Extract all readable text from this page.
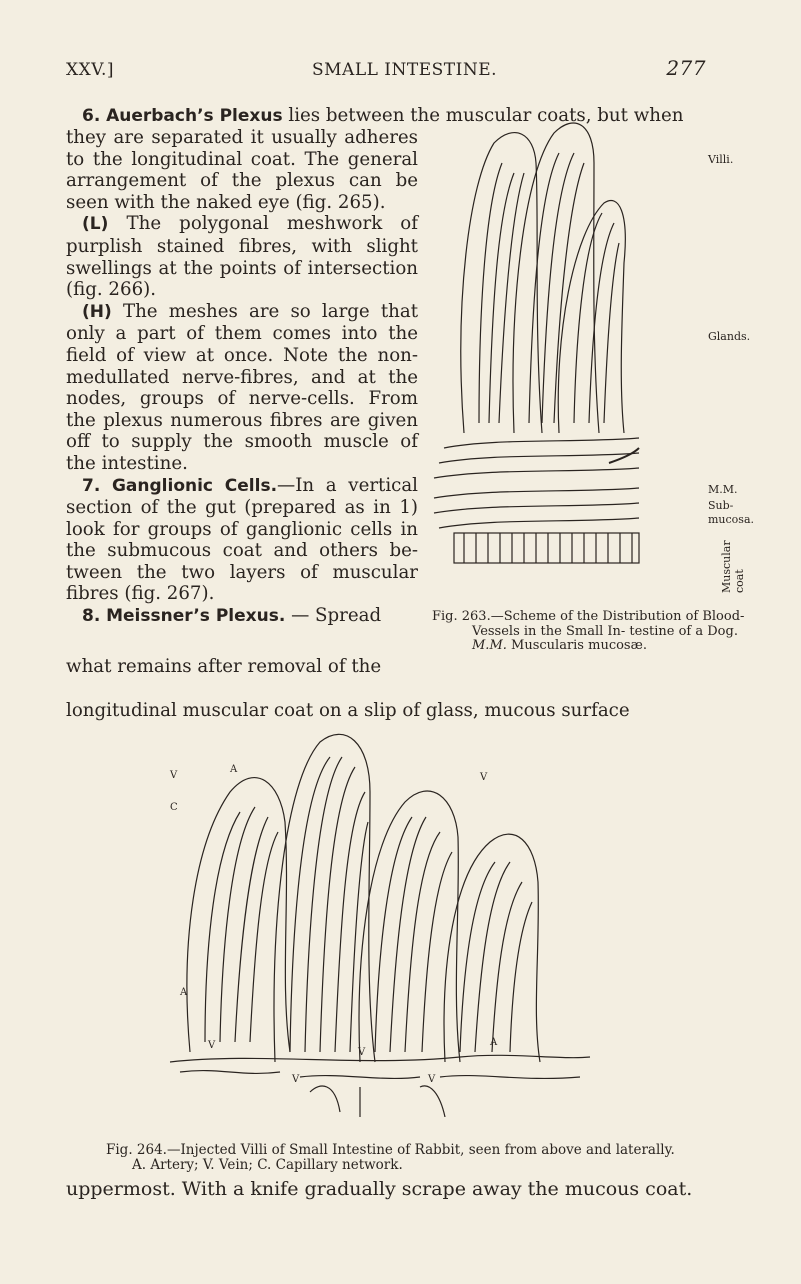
XXV.]	SMALL INTESTINE.	277
6. Auerbach’s Plexus lies between the muscular coats, but when

they are separated it usually adheres to the longitudinal coat. The general arrangement of the plexus can be seen with the naked eye (fig. 265).

(L) The polygonal meshwork of purplish stained fibres, with slight swellings at the points of intersection (fig. 266).

(H) The meshes are so large that only a part of them comes into the field of view at once. Note the non-medullated nerve-fibres, and at the nodes, groups of nerve-cells. From the plexus numerous fibres are given off to supply the smooth muscle of the intestine.

7. Ganglionic Cells.—In a vertical section of the gut (prepared as in 1) look for groups of ganglionic cells in the submucous coat and others be- tween the two layers of muscular fibres (fig. 267).

8. Meissner’s Plexus. — Spread

Villi.
Glands.
M.M.
Sub-
mucosa.
Muscular coat
Fig. 263.—Scheme of the Distribution of Blood-Vessels in the Small In- testine of a Dog. M.M. Muscularis mucosæ.
what remains after removal of the
longitudinal muscular coat on a slip of glass, mucous surface
A
V
C
V
A
V
V
A
V	V
Fig. 264.—Injected Villi of Small Intestine of Rabbit, seen from above and laterally.
A. Artery; V. Vein; C. Capillary network.
uppermost. With a knife gradually scrape away the mucous coat.
